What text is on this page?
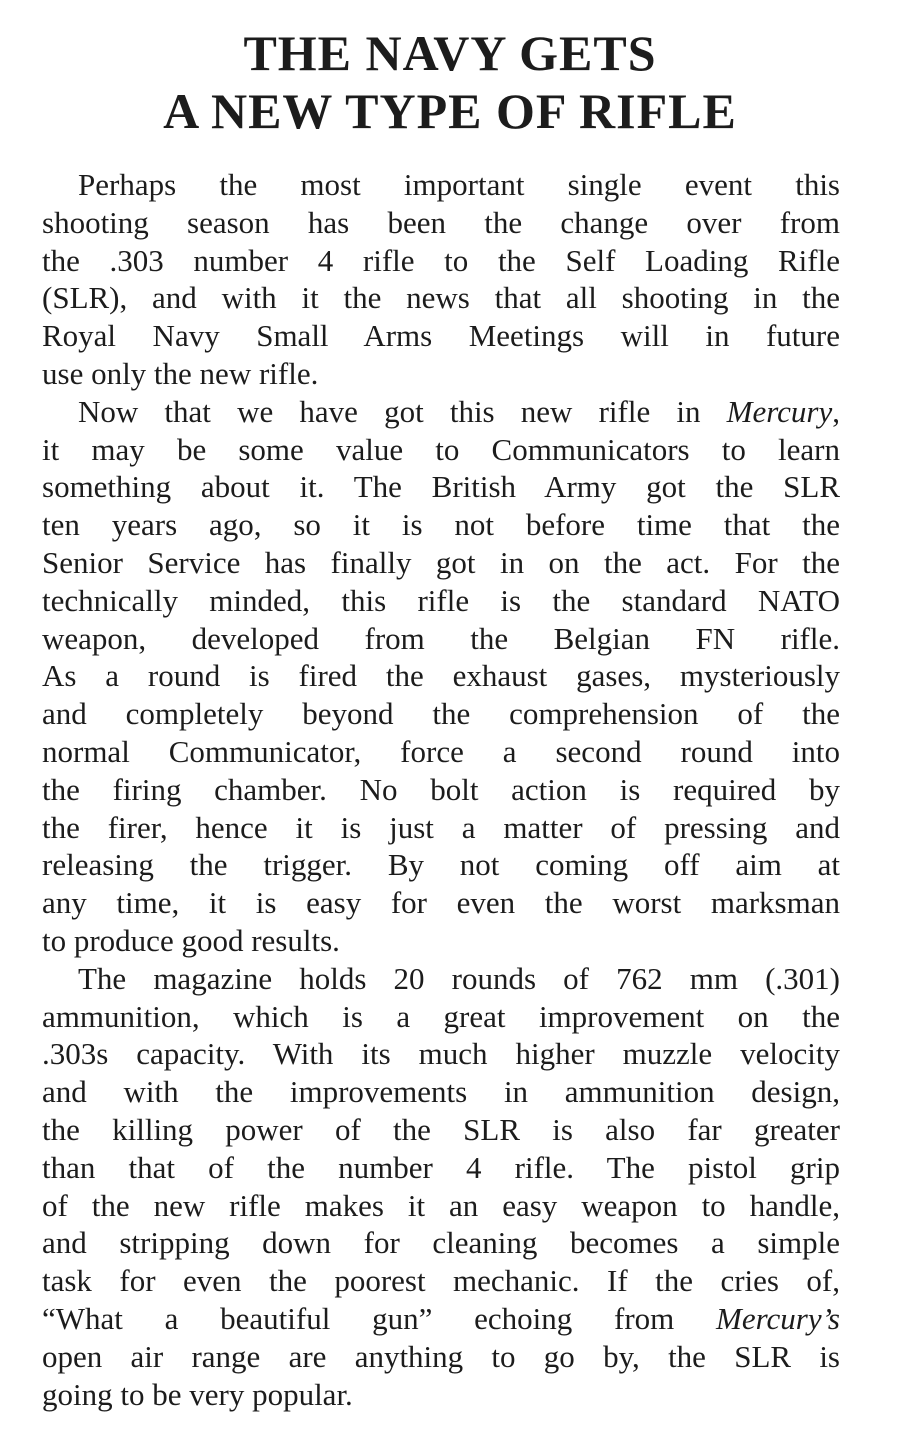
THE NAVY GETS
A NEW TYPE OF RIFLE
Perhaps the most important single event this
shooting season has been the change over from
the .303 number 4 rifle to the Self Loading Rifle
(SLR), and with it the news that all shooting in the
Royal Navy Small Arms Meetings will in future
use only the new rifle.
Now that we have got this new rifle in Mercury,
it may be some value to Communicators to learn
something about it. The British Army got the SLR
ten years ago, so it is not before time that the
Senior Service has finally got in on the act. For the
technically minded, this rifle is the standard NATO
weapon, developed from the Belgian FN rifle.
As a round is fired the exhaust gases, mysteriously
and completely beyond the comprehension of the
normal Communicator, force a second round into
the firing chamber. No bolt action is required by
the firer, hence it is just a matter of pressing and
releasing the trigger. By not coming off aim at
any time, it is easy for even the worst marksman
to produce good results.
The magazine holds 20 rounds of 762 mm (.301)
ammunition, which is a great improvement on the
.303s capacity. With its much higher muzzle velocity
and with the improvements in ammunition design,
the killing power of the SLR is also far greater
than that of the number 4 rifle. The pistol grip
of the new rifle makes it an easy weapon to handle,
and stripping down for cleaning becomes a simple
task for even the poorest mechanic. If the cries of,
“What a beautiful gun” echoing from Mercury’s
open air range are anything to go by, the SLR is
going to be very popular.
